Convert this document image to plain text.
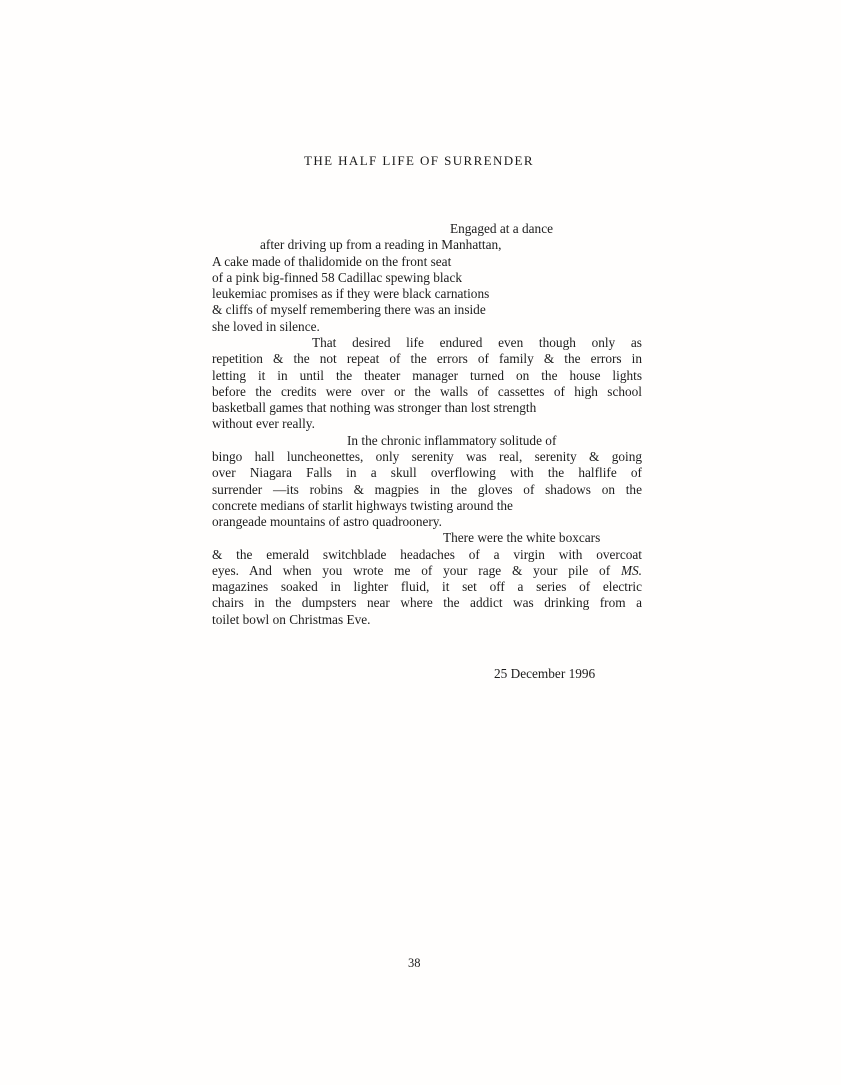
THE HALF LIFE OF SURRENDER
Engaged at a dance
after driving up from a reading in Manhattan,
A cake made of thalidomide on the front seat
of a pink big-finned 58 Cadillac spewing black
leukemiac promises as if they were black carnations
& cliffs of myself remembering there was an inside
she loved in silence.
That desired life endured even though only as
repetition & the not repeat of the errors of family & the errors in
letting it in until the theater manager turned on the house lights
before the credits were over or the walls of cassettes of high school
basketball games that nothing was stronger than lost strength
without ever really.
In the chronic inflammatory solitude of
bingo hall luncheonettes, only serenity was real, serenity & going
over Niagara Falls in a skull overflowing with the halflife of
surrender —its robins & magpies in the gloves of shadows on the
concrete medians of starlit highways twisting around the
orangeade mountains of astro quadroonery.
There were the white boxcars
& the emerald switchblade headaches of a virgin with overcoat
eyes. And when you wrote me of your rage & your pile of MS.
magazines soaked in lighter fluid, it set off a series of electric
chairs in the dumpsters near where the addict was drinking from a
toilet bowl on Christmas Eve.
25 December 1996
38
